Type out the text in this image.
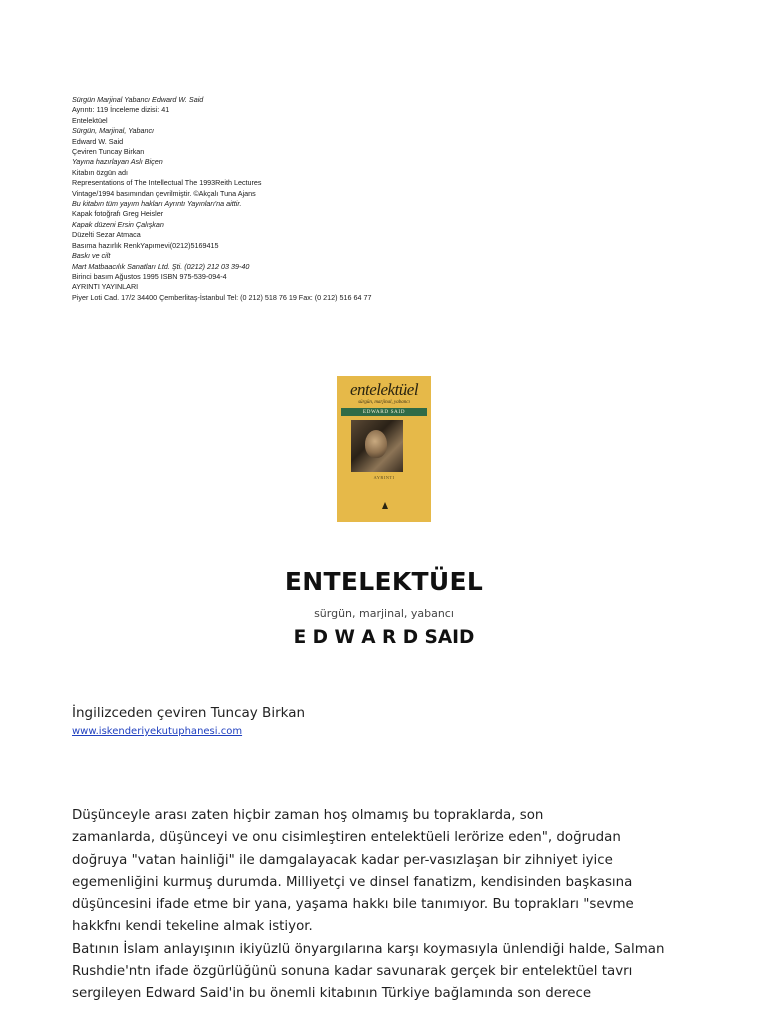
Sürgün Marjinal Yabancı Edward W. Said
Ayrıntı: 119 İnceleme dizisi: 41
Entelektüel
Sürgün, Marjinal, Yabancı
Edward W. Said
Çeviren Tuncay Birkan
Yayına hazırlayan Aslı Biçen
Kitabın özgün adı
Representations of The Intellectual The 1993Reith Lectures
Vintage/1994 basımından çevrilmiştir. ©Akçalı Tuna Ajans
Bu kitabın tüm yayım hakları Ayrıntı Yayınları'na aittir.
Kapak fotoğrafı Greg Heisler
Kapak düzeni Ersin Çalışkan
Düzelti Sezar Atmaca
Basıma hazırlık RenkYapımevi(0212)5169415
Baskı ve cilt
Mart Matbaacılık Sanatları Ltd. Şti. (0212) 212 03 39-40
Birinci basım Ağustos 1995 ISBN 975-539-094-4
AYRINTI YAYINLARI
Piyer Loti Cad. 17/2 34400 Çemberlitaş-İstanbul Tel: (0 212) 518 76 19 Fax: (0 212) 516 64 77
entelektüel
sürgün, marjinal, yabancı
EDWARD SAID
AYRINTI
ENTELEKTÜEL
sürgün, marjinal, yabancı
E D W A R D SAID
İngilizceden çeviren Tuncay Birkan
www.iskenderiyekutuphanesi.com
Düşünceyle arası zaten hiçbir zaman hoş olmamış bu topraklarda, son
zamanlarda, düşünceyi ve onu cisimleştiren entelektüeli lerörize eden", doğrudan
doğruya "vatan hainliği" ile damgalayacak kadar per-vasızlaşan bir zihniyet iyice
egemenliğini kurmuş durumda. Milliyetçi ve dinsel fanatizm, kendisinden başkasına
düşüncesini ifade etme bir yana, yaşama hakkı bile tanımıyor. Bu toprakları "sevme
hakkfnı kendi tekeline almak istiyor.
Batının İslam anlayışının ikiyüzlü önyargılarına karşı koymasıyla ünlendiği halde, Salman
Rushdie'ntn ifade özgürlüğünü sonuna kadar savunarak gerçek bir entelektüel tavrı
sergileyen Edward Said'in bu önemli kitabının Türkiye bağlamında son derece
